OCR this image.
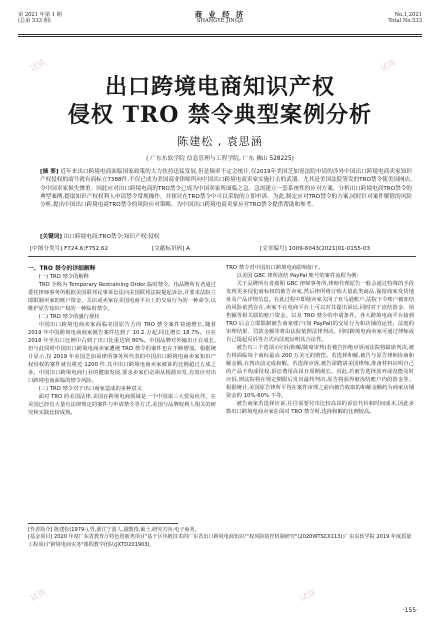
第 2021 年第 1 期
(总第 533 期)
商 业 经 济
SHANGYE JINGJI
No.1,2021
Total No.533
出口跨境电商知识产权
侵权 TRO 禁令典型案例分析
陈建松 , 袁思涵
( 广东东软学院 信息管理与工程学院, 广东 佛山 528225)
[摘 要] 近年来出口跨境电商面临国家政策的大力扶持迅猛发展,但是频率不定会统计,仅2019年美国芝加哥法院申请的涉外中国出口跨境电商卖家知识产权侵权的商号就有商标立7388件,不仅已成为美国商业律师所向中国出口跨境电商卖家实施打击的武器。尤其是美国法院签发的TRO禁令使美国网店,令中国卖家损失惨重。因此应对出口跨境电商的TRO禁令已成为中国卖家所面临之急。急需建立一套系统性的应对方案。分析出口跨境电商TRO禁令的典型案例,提取知识产权权利人申请禁令常规操作。并探讨在TRO禁令中可以采取的立即申诉。为此,制定应对TRO禁令的方案,同时针对案件解除的风险分析,提出中国出口跨境电商TRO禁令的风险应对策略。为中国出口跨境电商卖家应对TRO禁令提供帮助和参考。
[关键词] 出口跨境电商;TRO禁令;知识产权;侵权
[中图分类号] F724.6;F752.62	[文献标识码] A	[文章编号] 1009-6043(2021)01-0155-03

一、TRO 禁令的详细解释

(一) TRO 禁令的解释

TRO 全称为 Temporary Restraining Order,临时禁令。指品牌所有者通过委托律师事务所根据美国联邦民事诉讼法向美国联邦法院提起诉讼,并要求法院立即限制卖家的账户资金、关店或卖家在美国电商平台上的交易行为的一种命令,以维护原告知识产权的一种临时禁令。

(二) TRO 禁令的盛行现状

中国出口跨境电商卖家面临美国原告方的 TRO 禁令案件快速增长,随着 2019 年中国跨境电商商家被告案件达到了 10.2 万起,同比增长 18.7%。且在 2018 年至出口比例中占到了出口比重达到 80%。中国品牌对外输出正在成长,但与此同时中国出口跨境电商卖家遭遇 TRO 禁令的案件也在不断增加。根据统计显示,仅 2019 年美国芝加哥律所事务所代表的中国出口跨境电商卖家知识产权侵权的案件就有将近 1200 件,其中出口跨境电商卖家被诉的比例超过五成之多。中国出口跨境电商行业的健康发展,要求卖家们必须从根源出发,有效应对出口跨境电商面临的禁令风险。

(三) TRO 禁令对于出口商家造成的多种意义

面对 TRO 的美国法律,美国在跨境电商领域是一个中国第三大贸易伙伴。在美国已经有大量有法律规定的案件与申请禁令等方式,美国与品牌权利人相关的研究和实践比较成熟。

TRO 禁令对中国出口跨境电商影响如下。

以美国 GBC 律所冻结 PayPal 账号的案件流程为例:

关于品牌所有者雇佣 GBC 律师事务所,律师代理原告一般会通过特殊的手段发现更多侵犯商标权的被告卖家,然后律所将订购大量此类商品,保留商家发货地址及产品详情信息。在此过程中即使卖家关闭了亚马逊账户,法院下令账户被冻结的风险依然存在,卖家不在电商平台上可以对其提出诉讼,同时对于冻结资金、销售额等相关联的账户资金。以及 TRO 禁令的申请条件。各大跨境电商平台接到 TRO 后会立即限制被告商家账户(如 PayPal)的交易行为和店铺的运营。法庭的审理结果、罚款金额等将由法院依照法律判决。同时跨境电商卖家可通过律师或自己提起反诉等方式向法庭证明其合法性。

被告有三个选项:(应诉/和解/缺席审判)若被告拒绝应诉而法院将缺席判决,被告将面临每个商标最高 200 万美元的赔偿。若选择和解,被告与原告律师协商和解金额,在判决前完成和解。若选择应诉,被告需聘请美国律师,准备材料证明自己的产品不构成侵权,诉讼费用高昂且周期漫长。因此,若被告选择放弃或没能及时应诉,则法院将在规定期限后发出最终判决,原告将获得被冻结账户内的资金等。根据统计,美国原告律所平均在案件审理之前向被告收取的和解金额约为商家店铺资金的 10%-60% 不等。

被告商家若选择应诉,往往需要付出比较高昂的诉讼代价和时间成本,因此多数出口跨境电商卖家在面对 TRO 禁令时,选择和解的比例较高。

[作者简介] 陈建松(1979-),男,浙江宁波人,副教授,硕士,研究方向:电子商务。

[基金项目] 2020 年度广东省教育厅特色创新类项目"基于区块链技术的广东省出口跨境电商知识产权风险防控机制研究"(2020WTSCX113);广东东软学院 2019 年度质量工程项目"跨境电商实务"课程教学团队(JXTD201903)。

·155·
试读
试读
试读	试读
